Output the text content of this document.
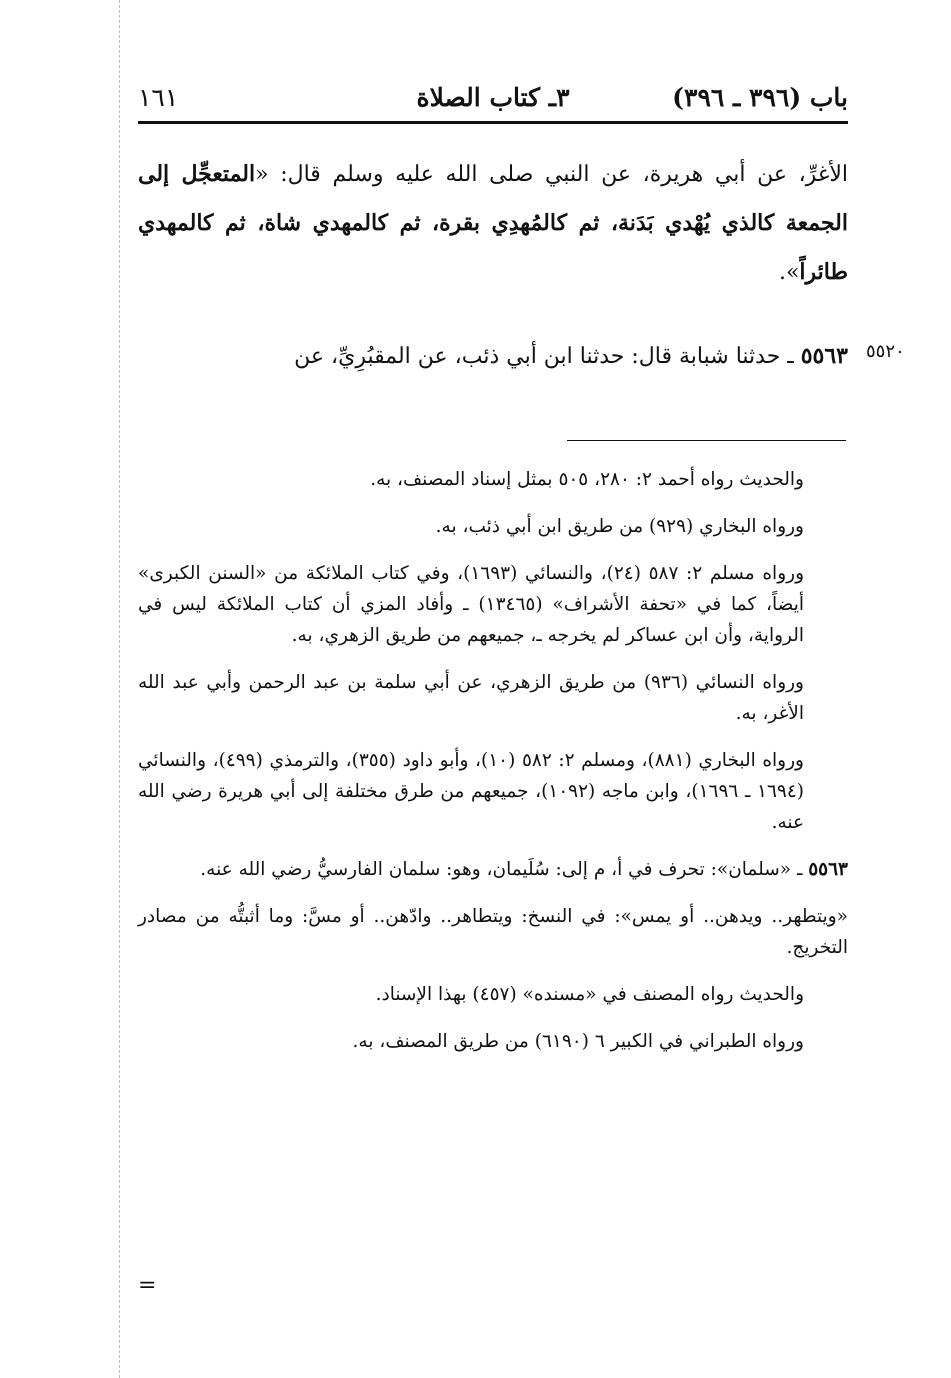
باب (٣٩٦ ـ ٣٩٦)
٣ـ كتاب الصلاة
١٦١
الأغرِّ، عن أبي هريرة، عن النبي صلى الله عليه وسلم قال: «المتعجِّل إلى الجمعة كالذي يُهْدي بَدَنة، ثم كالمُهدِي بقرة، ثم كالمهدي شاة، ثم كالمهدي طائراً».
٥٥٦٣ ـ حدثنا شبابة قال: حدثنا ابن أبي ذئب، عن المقبُرِيِّ، عن	٥٥٢٠

والحديث رواه أحمد ٢: ٢٨٠، ٥٠٥ بمثل إسناد المصنف، به.

ورواه البخاري (٩٢٩) من طريق ابن أبي ذئب، به.

ورواه مسلم ٢: ٥٨٧ (٢٤)، والنسائي (١٦٩٣)، وفي كتاب الملائكة من «السنن الكبرى» أيضاً، كما في «تحفة الأشراف» (١٣٤٦٥) ـ وأفاد المزي أن كتاب الملائكة ليس في الرواية، وأن ابن عساكر لم يخرجه ـ، جميعهم من طريق الزهري، به.

ورواه النسائي (٩٣٦) من طريق الزهري، عن أبي سلمة بن عبد الرحمن وأبي عبد الله الأغر، به.

ورواه البخاري (٨٨١)، ومسلم ٢: ٥٨٢ (١٠)، وأبو داود (٣٥٥)، والترمذي (٤٩٩)، والنسائي (١٦٩٤ ـ ١٦٩٦)، وابن ماجه (١٠٩٢)، جميعهم من طرق مختلفة إلى أبي هريرة رضي الله عنه.

٥٥٦٣ ـ «سلمان»: تحرف في أ، م إلى: سُلَيمان، وهو: سلمان الفارسيُّ رضي الله عنه.

«ويتطهر.. ويدهن.. أو يمس»: في النسخ: ويتطاهر.. وادّهن.. أو مسَّ: وما أثبتُّه من مصادر التخريج.

والحديث رواه المصنف في «مسنده» (٤٥٧) بهذا الإسناد.

ورواه الطبراني في الكبير ٦ (٦١٩٠) من طريق المصنف، به.

=
